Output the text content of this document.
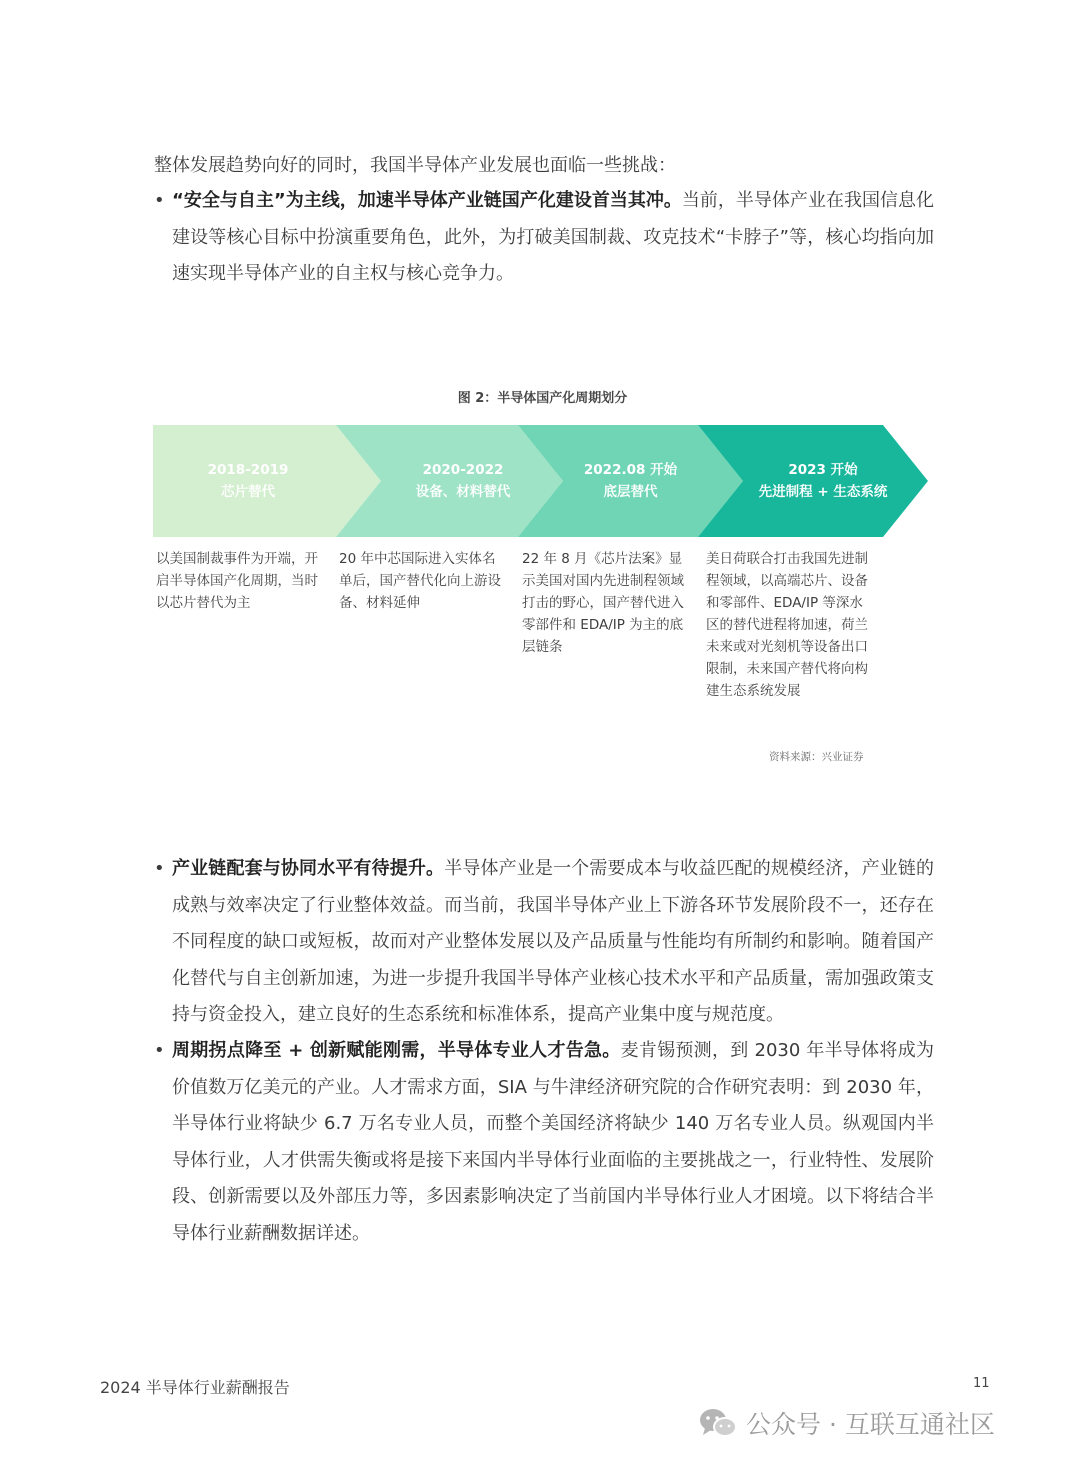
整体发展趋势向好的同时，我国半导体产业发展也面临一些挑战：
• “安全与自主”为主线，加速半导体产业链国产化建设首当其冲。当前，半导体产业在我国信息化建设等核心目标中扮演重要角色，此外，为打破美国制裁、攻克技术“卡脖子”等，核心均指向加速实现半导体产业的自主权与核心竞争力。
图 2：半导体国产化周期划分
2018-2019
芯片替代
2020-2022
设备、材料替代
2022.08 开始
底层替代
2023 开始
先进制程 + 生态系统
以美国制裁事件为开端，开启半导体国产化周期，当时以芯片替代为主
20 年中芯国际进入实体名单后，国产替代化向上游设备、材料延伸
22 年 8 月《芯片法案》显示美国对国内先进制程领域打击的野心，国产替代进入零部件和 EDA/IP 为主的底层链条
美日荷联合打击我国先进制程领域，以高端芯片、设备和零部件、EDA/IP 等深水区的替代进程将加速，荷兰未来或对光刻机等设备出口限制，未来国产替代将向构建生态系统发展
资料来源：兴业证券
• 产业链配套与协同水平有待提升。半导体产业是一个需要成本与收益匹配的规模经济，产业链的成熟与效率决定了行业整体效益。而当前，我国半导体产业上下游各环节发展阶段不一，还存在不同程度的缺口或短板，故而对产业整体发展以及产品质量与性能均有所制约和影响。随着国产化替代与自主创新加速，为进一步提升我国半导体产业核心技术水平和产品质量，需加强政策支持与资金投入，建立良好的生态系统和标准体系，提高产业集中度与规范度。
• 周期拐点降至 + 创新赋能刚需，半导体专业人才告急。麦肯锡预测，到 2030 年半导体将成为价值数万亿美元的产业。人才需求方面，SIA 与牛津经济研究院的合作研究表明：到 2030 年，半导体行业将缺少 6.7 万名专业人员，而整个美国经济将缺少 140 万名专业人员。纵观国内半导体行业，人才供需失衡或将是接下来国内半导体行业面临的主要挑战之一，行业特性、发展阶段、创新需要以及外部压力等，多因素影响决定了当前国内半导体行业人才困境。以下将结合半导体行业薪酬数据详述。
2024 半导体行业薪酬报告	11
公众号 · 互联互通社区
